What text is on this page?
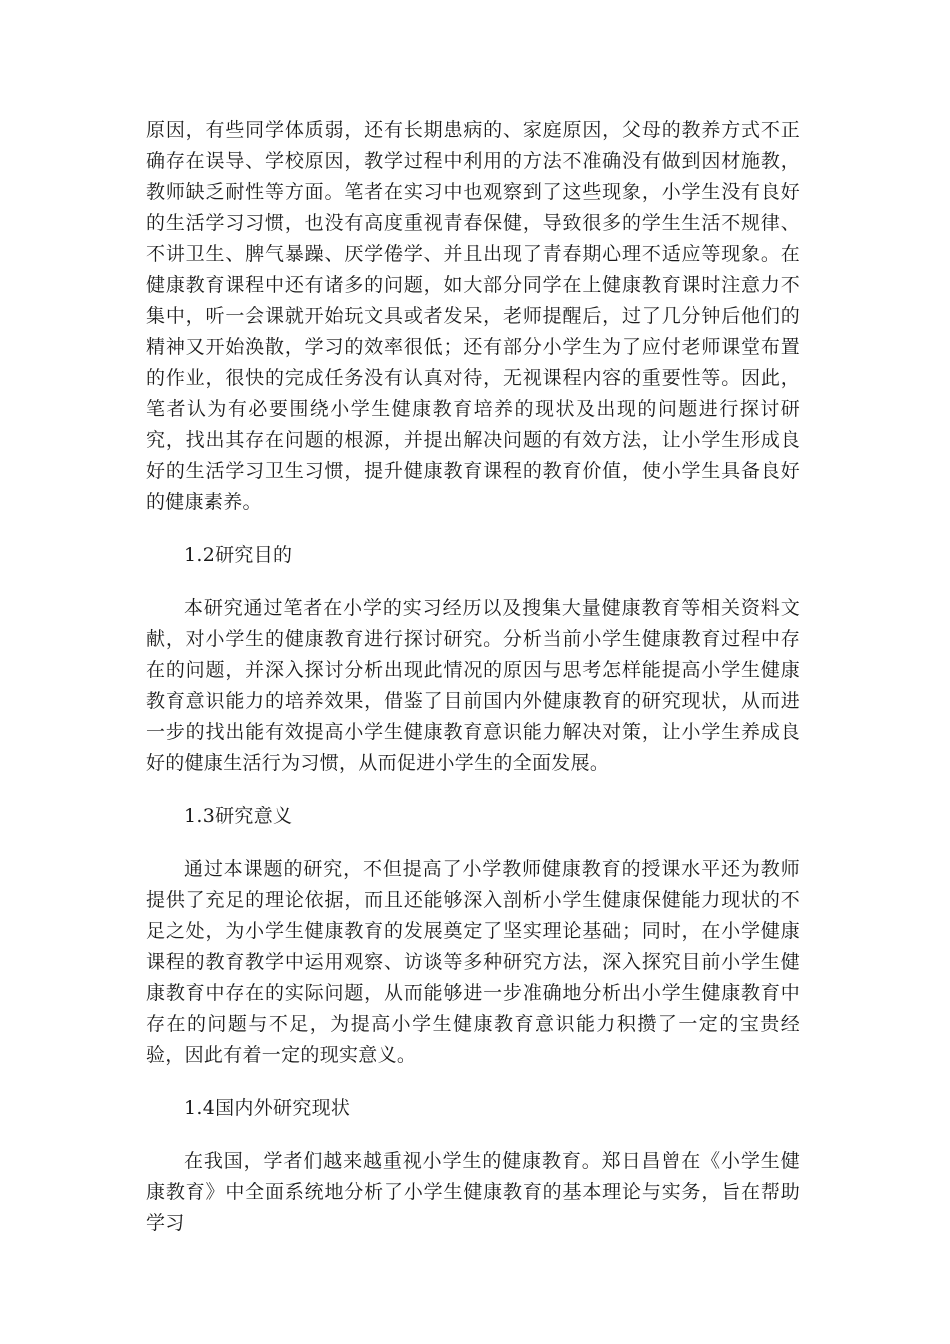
原因，有些同学体质弱，还有长期患病的、家庭原因，父母的教养方式不正确存在误导、学校原因，教学过程中利用的方法不准确没有做到因材施教，教师缺乏耐性等方面。笔者在实习中也观察到了这些现象，小学生没有良好的生活学习习惯，也没有高度重视青春保健，导致很多的学生生活不规律、不讲卫生、脾气暴躁、厌学倦学、并且出现了青春期心理不适应等现象。在健康教育课程中还有诸多的问题，如大部分同学在上健康教育课时注意力不集中，听一会课就开始玩文具或者发呆，老师提醒后，过了几分钟后他们的精神又开始涣散，学习的效率很低；还有部分小学生为了应付老师课堂布置的作业，很快的完成任务没有认真对待，无视课程内容的重要性等。因此，笔者认为有必要围绕小学生健康教育培养的现状及出现的问题进行探讨研究，找出其存在问题的根源，并提出解决问题的有效方法，让小学生形成良好的生活学习卫生习惯，提升健康教育课程的教育价值，使小学生具备良好的健康素养。

1.2研究目的

本研究通过笔者在小学的实习经历以及搜集大量健康教育等相关资料文献，对小学生的健康教育进行探讨研究。分析当前小学生健康教育过程中存在的问题，并深入探讨分析出现此情况的原因与思考怎样能提高小学生健康教育意识能力的培养效果，借鉴了目前国内外健康教育的研究现状，从而进一步的找出能有效提高小学生健康教育意识能力解决对策，让小学生养成良好的健康生活行为习惯，从而促进小学生的全面发展。

1.3研究意义

通过本课题的研究，不但提高了小学教师健康教育的授课水平还为教师提供了充足的理论依据，而且还能够深入剖析小学生健康保健能力现状的不足之处，为小学生健康教育的发展奠定了坚实理论基础；同时，在小学健康课程的教育教学中运用观察、访谈等多种研究方法，深入探究目前小学生健康教育中存在的实际问题，从而能够进一步准确地分析出小学生健康教育中存在的问题与不足，为提高小学生健康教育意识能力积攒了一定的宝贵经验，因此有着一定的现实意义。

1.4国内外研究现状

在我国，学者们越来越重视小学生的健康教育。郑日昌曾在《小学生健康教育》中全面系统地分析了小学生健康教育的基本理论与实务，旨在帮助学习
